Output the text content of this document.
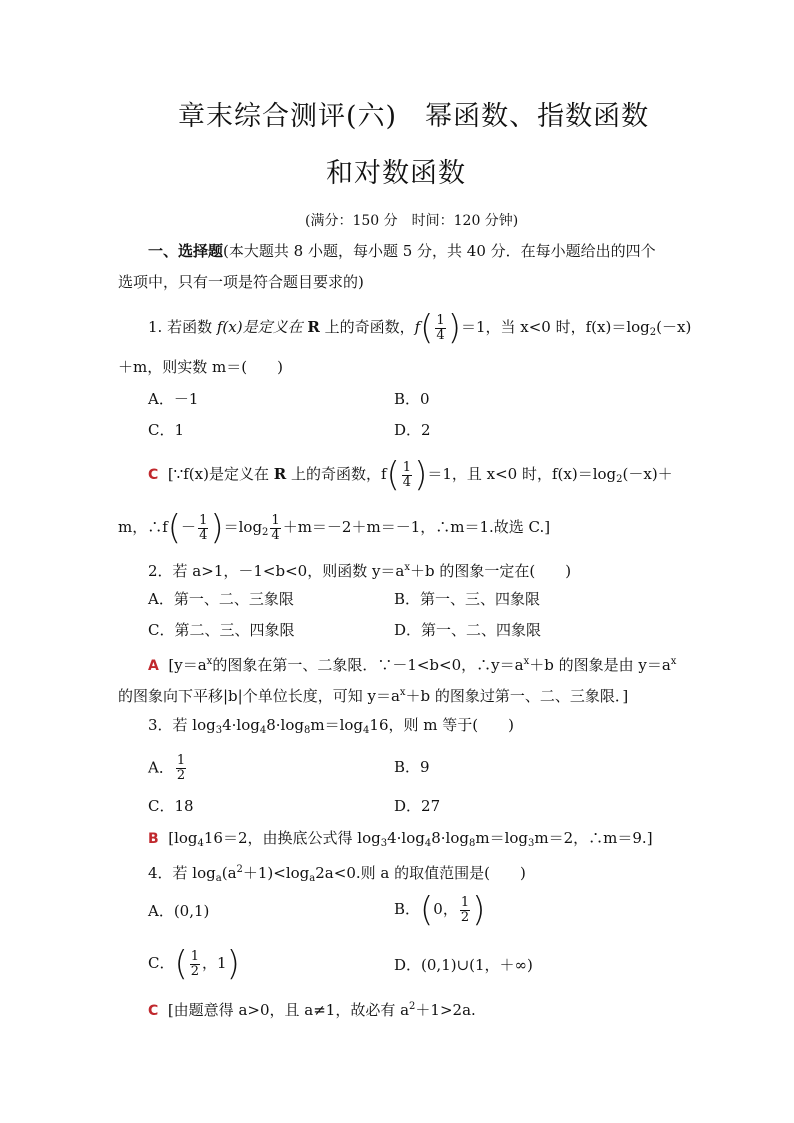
章末综合测评(六)　幂函数、指数函数
和对数函数
(满分：150 分　时间：120 分钟)
一、选择题(本大题共 8 小题，每小题 5 分，共 40 分．在每小题给出的四个
选项中，只有一项是符合题目要求的)
1. 若函数 f(x)是定义在 R 上的奇函数，$f( \frac{1}{4} )=1$，当 x<0 时，$f(x)=\log_2(-x)$
＋m，则实数 m＝(　　)
A．－1	B．0
C．1	D．2
C [∵f(x)是定义在 R 上的奇函数，$f( \frac{1}{4} )=1$，且 x<0 时，$f(x)=\log_2(-x)+$
m，∴f(－ $\frac{1}{4} )=\log_2 \frac{1}{4} +m=-2+m=-1$，∴m＝1.故选 C.]
2．若 a>1，－1<b<0，则函数 $y=a^x+b$ 的图象一定在(　　)
A．第一、二、三象限	B．第一、三、四象限
C．第二、三、四象限	D．第一、二、四象限
A [$y=a^x$的图象在第一、二象限．∵－1<b<0，$\therefore y=a^x+b$ 的图象是由 $y=a^x$
的图象向下平移|b|个单位长度，可知 $y=a^x+b$ 的图象过第一、二、三象限．]
3．若 $\log_34\cdot\log_48\cdot\log_8m=\log_416$，则 m 等于(　　)
A． $\frac{1}{2}$	B．9
C．18	D．27
B [$\log_416=2$，由换底公式得 $\log_34\cdot\log_48\cdot\log_8m=\log_3m=2$，∴m＝9.]
4．若 $\log_a(a^2+1)<\log_a2a<0$.则 a 的取值范围是(　　)
A．(0,1)	B．(0， $\frac{1}{2}$ )
C．( $\frac{1}{2}$ ，1)	D．(0,1)∪(1，＋∞)
C [由题意得 a>0，且 a≠1，故必有 $a^2+1>2a$.
